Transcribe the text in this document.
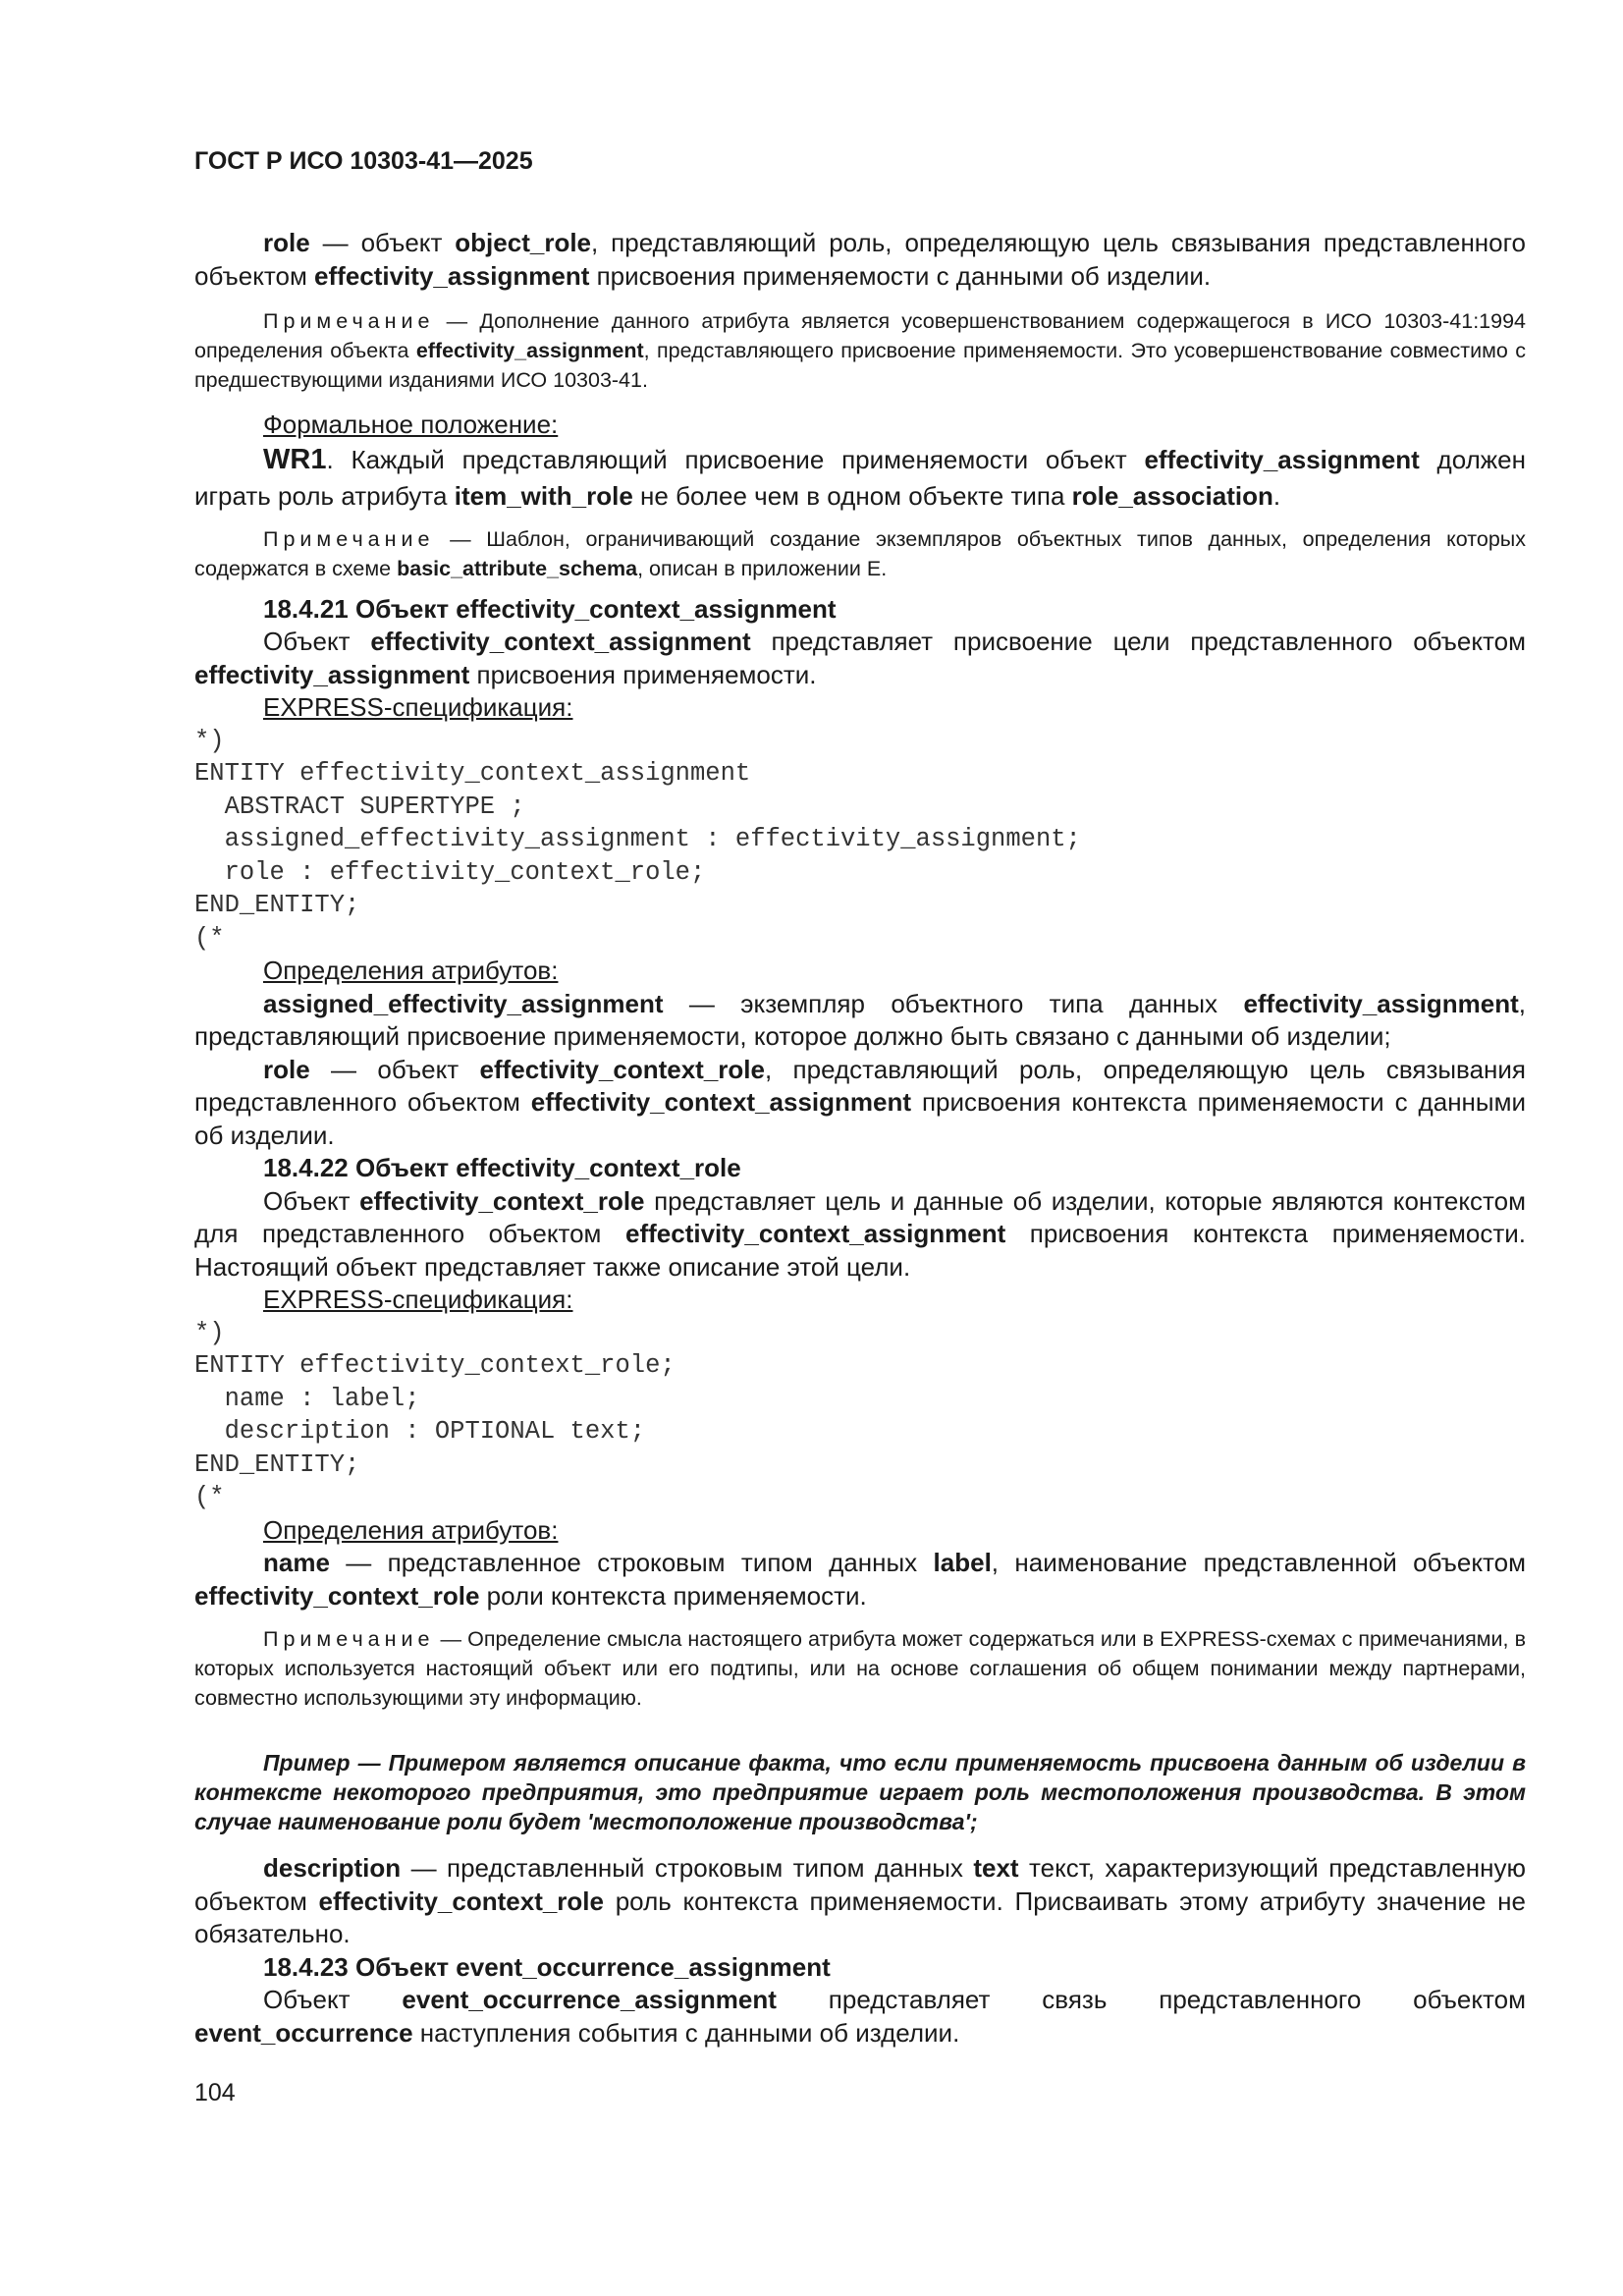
ГОСТ Р ИСО 10303-41—2025

role — объект object_role, представляющий роль, определяющую цель связывания представленного объектом effectivity_assignment присвоения применяемости с данными об изделии.

Примечание — Дополнение данного атрибута является усовершенствованием содержащегося в ИСО 10303-41:1994 определения объекта effectivity_assignment, представляющего присвоение применяемости. Это усовершенствование совместимо с предшествующими изданиями ИСО 10303-41.

Формальное положение:

WR1. Каждый представляющий присвоение применяемости объект effectivity_assignment должен играть роль атрибута item_with_role не более чем в одном объекте типа role_association.

Примечание — Шаблон, ограничивающий создание экземпляров объектных типов данных, определения которых содержатся в схеме basic_attribute_schema, описан в приложении Е.

18.4.21 Объект effectivity_context_assignment

Объект effectivity_context_assignment представляет присвоение цели представленного объектом effectivity_assignment присвоения применяемости.

EXPRESS-спецификация:
*)
ENTITY effectivity_context_assignment
ABSTRACT SUPERTYPE ;
assigned_effectivity_assignment : effectivity_assignment;
role : effectivity_context_role;
END_ENTITY;
(*
Определения атрибутов:

assigned_effectivity_assignment — экземпляр объектного типа данных effectivity_assignment, представляющий присвоение применяемости, которое должно быть связано с данными об изделии;

role — объект effectivity_context_role, представляющий роль, определяющую цель связывания представленного объектом effectivity_context_assignment присвоения контекста применяемости с данными об изделии.

18.4.22 Объект effectivity_context_role

Объект effectivity_context_role представляет цель и данные об изделии, которые являются контекстом для представленного объектом effectivity_context_assignment присвоения контекста применяемости. Настоящий объект представляет также описание этой цели.

EXPRESS-спецификация:
*)
ENTITY effectivity_context_role;
name : label;
description : OPTIONAL text;
END_ENTITY;
(*
Определения атрибутов:

name — представленное строковым типом данных label, наименование представленной объектом effectivity_context_role роли контекста применяемости.

Примечание — Определение смысла настоящего атрибута может содержаться или в EXPRESS-схемах с примечаниями, в которых используется настоящий объект или его подтипы, или на основе соглашения об общем понимании между партнерами, совместно использующими эту информацию.

Пример — Примером является описание факта, что если применяемость присвоена данным об изделии в контексте некоторого предприятия, это предприятие играет роль местоположения производства. В этом случае наименование роли будет 'местоположение производства';

description — представленный строковым типом данных text текст, характеризующий представленную объектом effectivity_context_role роль контекста применяемости. Присваивать этому атрибуту значение не обязательно.

18.4.23 Объект event_occurrence_assignment

Объект event_occurrence_assignment представляет связь представленного объектом event_occurrence наступления события с данными об изделии.

104
